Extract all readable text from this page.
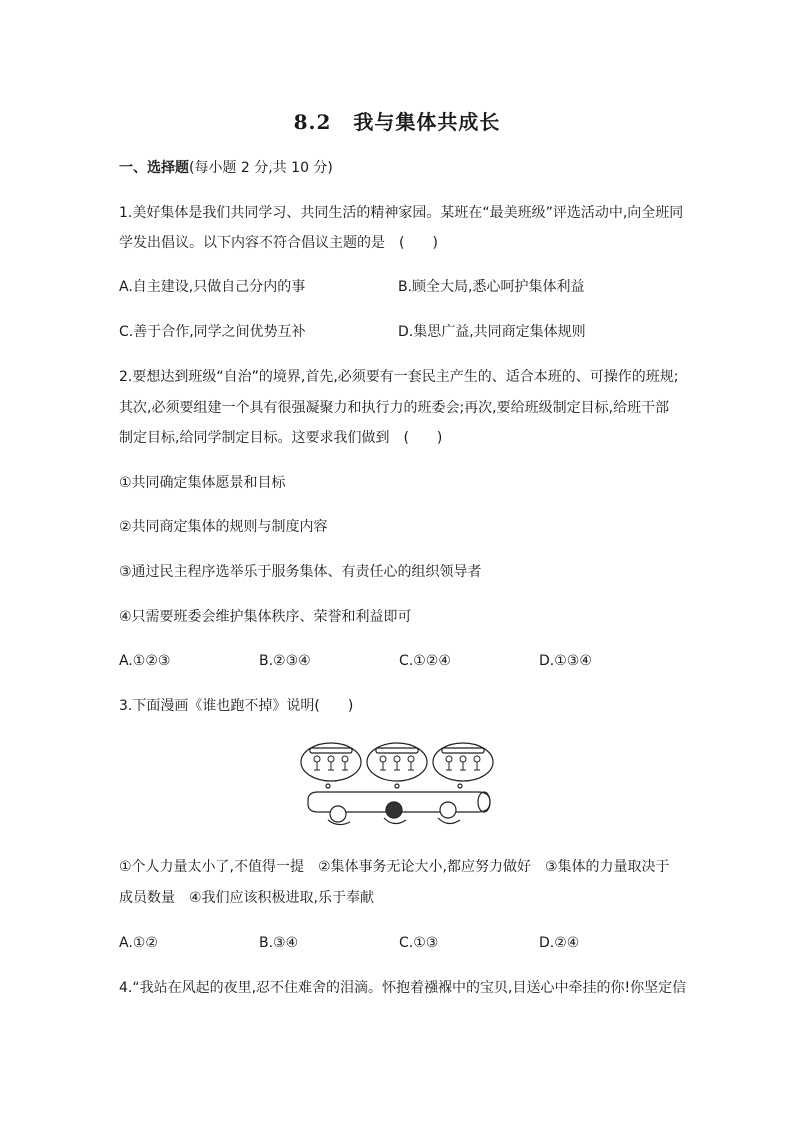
8.2 我与集体共成长
一、选择题(每小题 2 分,共 10 分)
1.美好集体是我们共同学习、共同生活的精神家园。某班在“最美班级”评选活动中,向全班同
学发出倡议。以下内容不符合倡议主题的是　(　　)
A.自主建设,只做自己分内的事	B.顾全大局,悉心呵护集体利益
C.善于合作,同学之间优势互补	D.集思广益,共同商定集体规则
2.要想达到班级“自治”的境界,首先,必须要有一套民主产生的、适合本班的、可操作的班规;
其次,必须要组建一个具有很强凝聚力和执行力的班委会;再次,要给班级制定目标,给班干部
制定目标,给同学制定目标。这要求我们做到　(　　)
①共同确定集体愿景和目标
②共同商定集体的规则与制度内容
③通过民主程序选举乐于服务集体、有责任心的组织领导者
④只需要班委会维护集体秩序、荣誉和利益即可
A.①②③	B.②③④	C.①②④	D.①③④
3.下面漫画《谁也跑不掉》说明(　　)
①个人力量太小了,不值得一提　②集体事务无论大小,都应努力做好　③集体的力量取决于
成员数量　④我们应该积极进取,乐于奉献
A.①②	B.③④	C.①③	D.②④
4.“我站在风起的夜里,忍不住难舍的泪滴。怀抱着襁褓中的宝贝,目送心中牵挂的你!你坚定信
